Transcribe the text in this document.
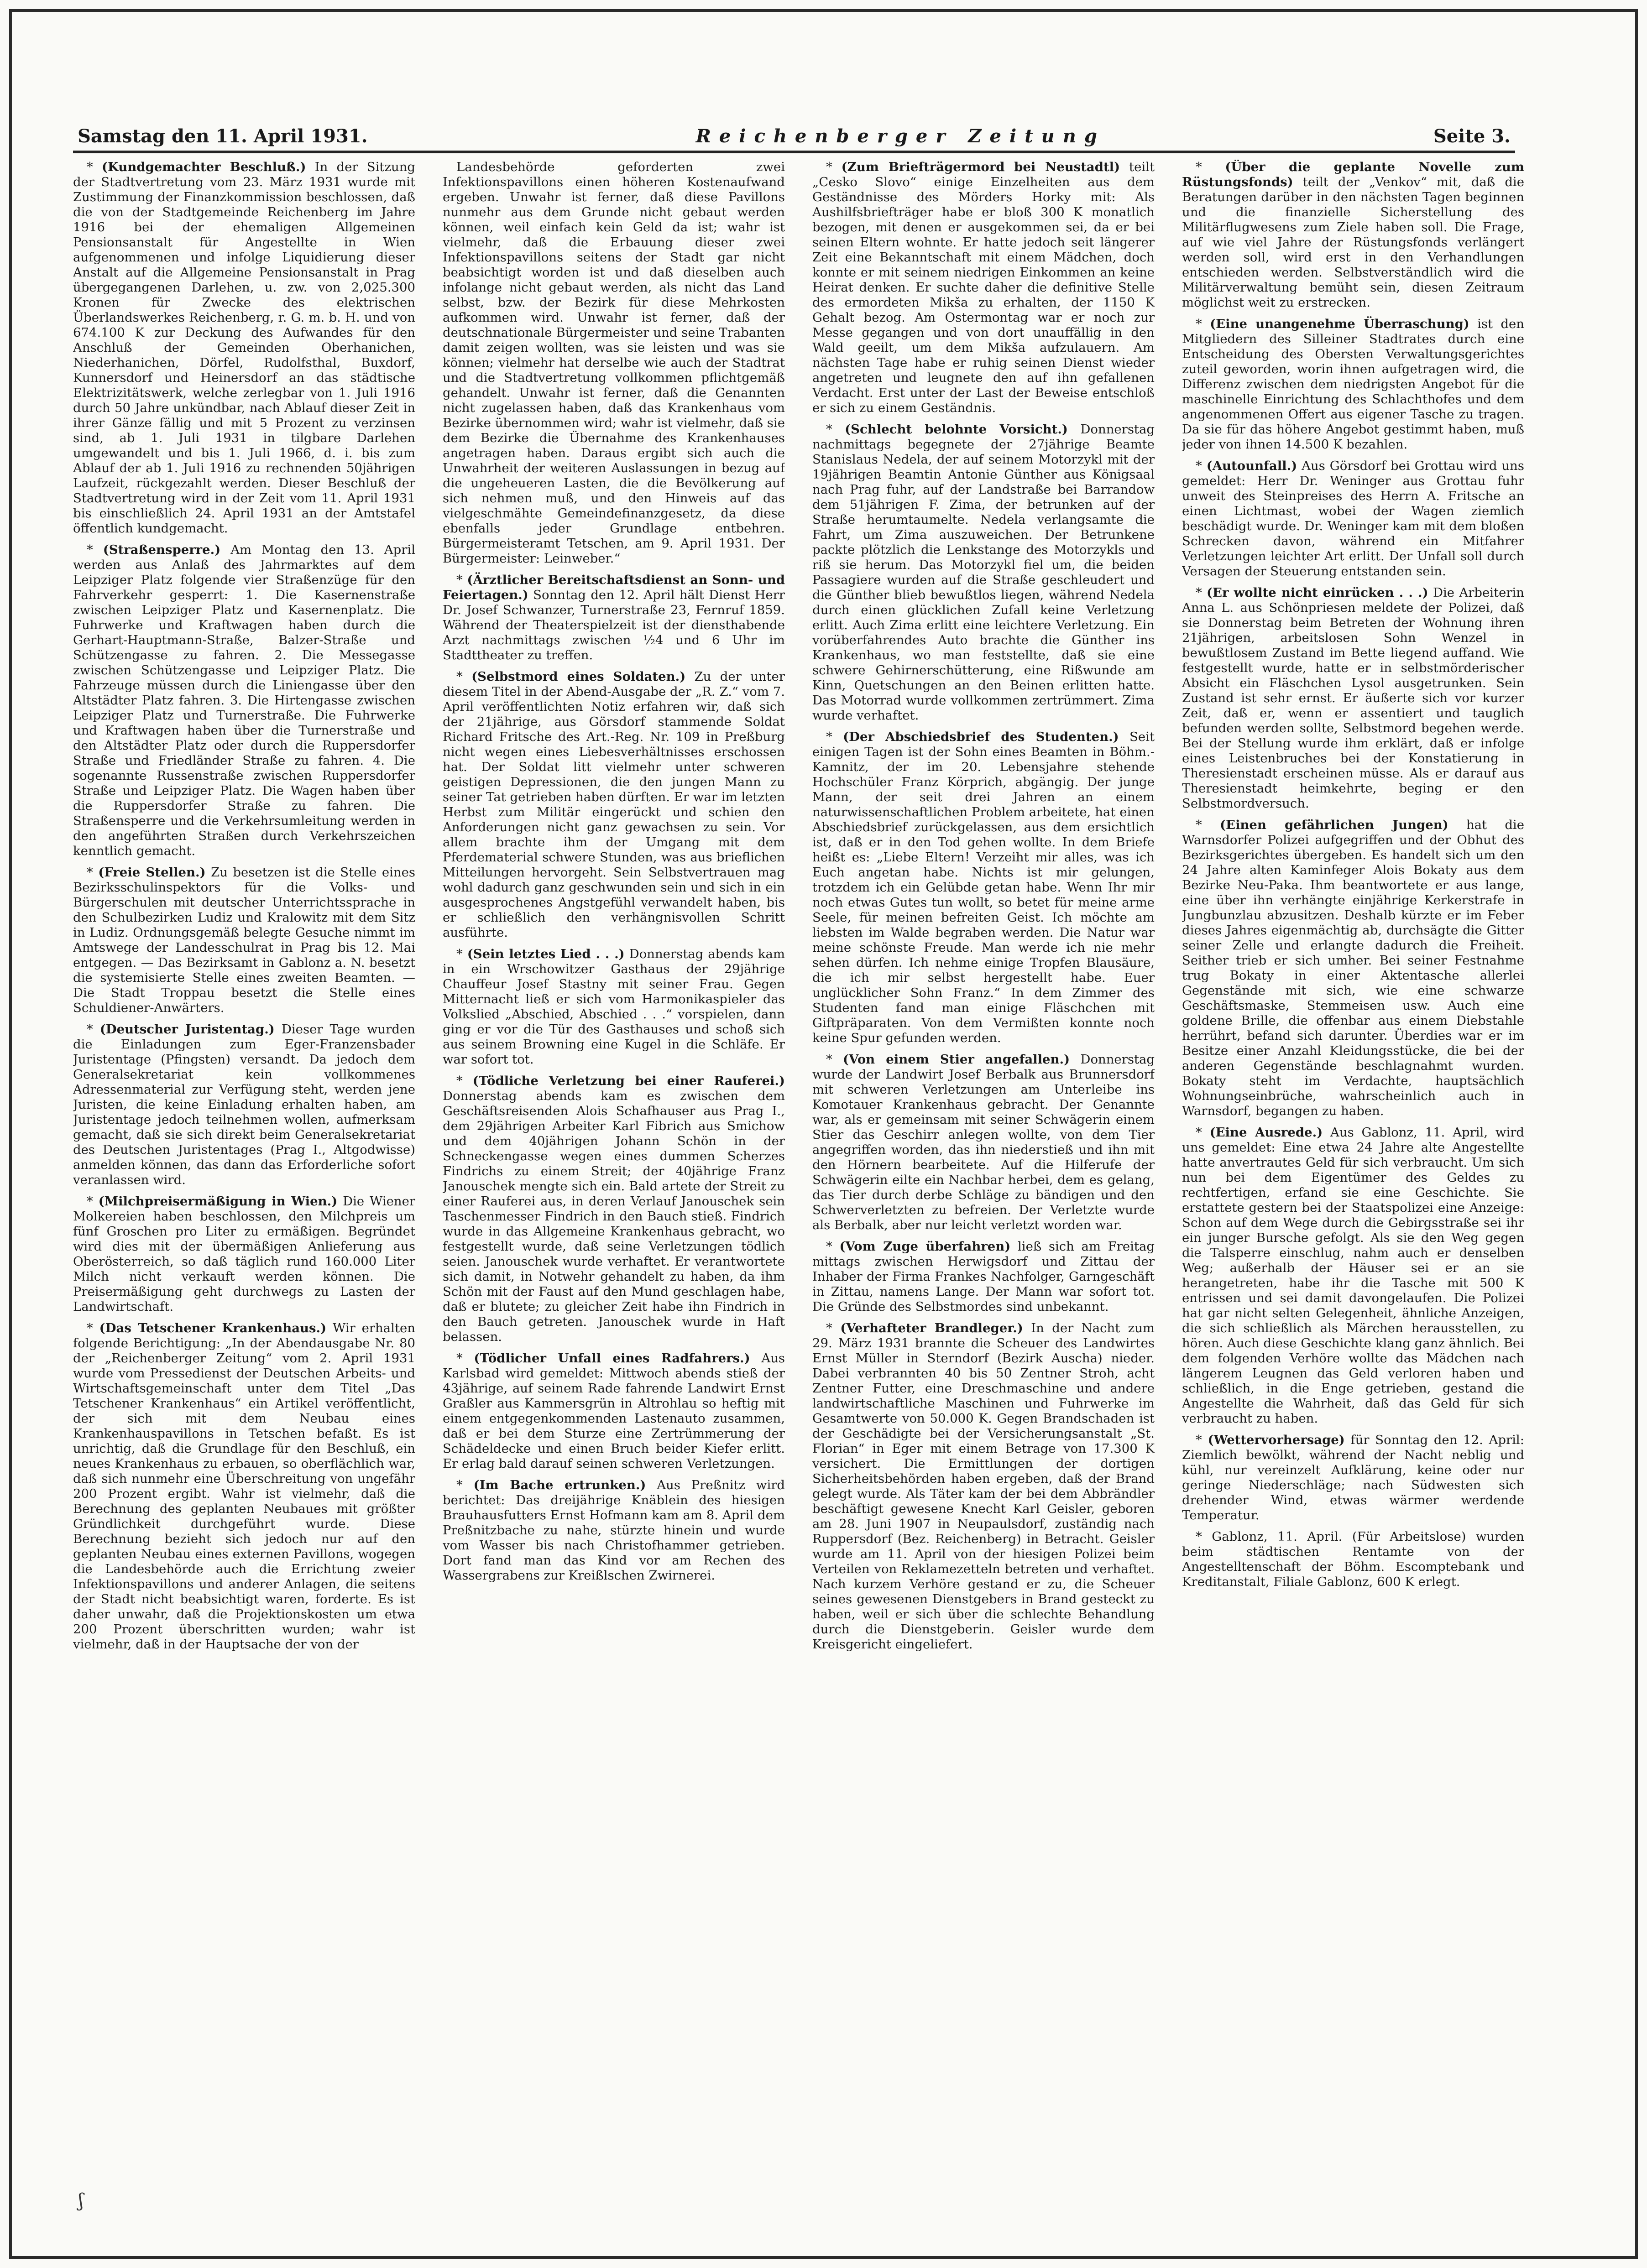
Samstag den 11. April 1931.	Reichenberger Zeitung	Seite 3.

* (Kundgemachter Beschluß.) In der Sitzung der Stadtvertretung vom 23. März 1931 wurde mit Zustimmung der Finanzkommission beschlossen, daß die von der Stadtgemeinde Reichenberg im Jahre 1916 bei der ehemaligen Allgemeinen Pensionsanstalt für Angestellte in Wien aufgenommenen und infolge Liquidierung dieser Anstalt auf die Allgemeine Pensionsanstalt in Prag übergegangenen Darlehen, u. zw. von 2,025.300 Kronen für Zwecke des elektrischen Überlandswerkes Reichenberg, r. G. m. b. H. und von 674.100 K zur Deckung des Aufwandes für den Anschluß der Gemeinden Oberhanichen, Niederhanichen, Dörfel, Rudolfsthal, Buxdorf, Kunnersdorf und Heinersdorf an das städtische Elektrizitätswerk, welche zerlegbar von 1. Juli 1916 durch 50 Jahre unkündbar, nach Ablauf dieser Zeit in ihrer Gänze fällig und mit 5 Prozent zu verzinsen sind, ab 1. Juli 1931 in tilgbare Darlehen umgewandelt und bis 1. Juli 1966, d. i. bis zum Ablauf der ab 1. Juli 1916 zu rechnenden 50jährigen Laufzeit, rückgezahlt werden. Dieser Beschluß der Stadtvertretung wird in der Zeit vom 11. April 1931 bis einschließlich 24. April 1931 an der Amtstafel öffentlich kundgemacht.

* (Straßensperre.) Am Montag den 13. April werden aus Anlaß des Jahrmarktes auf dem Leipziger Platz folgende vier Straßenzüge für den Fahrverkehr gesperrt: 1. Die Kasernenstraße zwischen Leipziger Platz und Kasernenplatz. Die Fuhrwerke und Kraftwagen haben durch die Gerhart-Hauptmann-Straße, Balzer-Straße und Schützengasse zu fahren. 2. Die Messegasse zwischen Schützengasse und Leipziger Platz. Die Fahrzeuge müssen durch die Liniengasse über den Altstädter Platz fahren. 3. Die Hirtengasse zwischen Leipziger Platz und Turnerstraße. Die Fuhrwerke und Kraftwagen haben über die Turnerstraße und den Altstädter Platz oder durch die Ruppersdorfer Straße und Friedländer Straße zu fahren. 4. Die sogenannte Russenstraße zwischen Ruppersdorfer Straße und Leipziger Platz. Die Wagen haben über die Ruppersdorfer Straße zu fahren. Die Straßensperre und die Verkehrsumleitung werden in den angeführten Straßen durch Verkehrszeichen kenntlich gemacht.

* (Freie Stellen.) Zu besetzen ist die Stelle eines Bezirksschulinspektors für die Volks- und Bürgerschulen mit deutscher Unterrichtssprache in den Schulbezirken Ludiz und Kralowitz mit dem Sitz in Ludiz. Ordnungsgemäß belegte Gesuche nimmt im Amtswege der Landesschulrat in Prag bis 12. Mai entgegen. — Das Bezirksamt in Gablonz a. N. besetzt die systemisierte Stelle eines zweiten Beamten. — Die Stadt Troppau besetzt die Stelle eines Schuldiener-Anwärters.

* (Deutscher Juristentag.) Dieser Tage wurden die Einladungen zum Eger-Franzensbader Juristentage (Pfingsten) versandt. Da jedoch dem Generalsekretariat kein vollkommenes Adressenmaterial zur Verfügung steht, werden jene Juristen, die keine Einladung erhalten haben, am Juristentage jedoch teilnehmen wollen, aufmerksam gemacht, daß sie sich direkt beim Generalsekretariat des Deutschen Juristentages (Prag I., Altgodwisse) anmelden können, das dann das Erforderliche sofort veranlassen wird.

* (Milchpreisermäßigung in Wien.) Die Wiener Molkereien haben beschlossen, den Milchpreis um fünf Groschen pro Liter zu ermäßigen. Begründet wird dies mit der übermäßigen Anlieferung aus Oberösterreich, so daß täglich rund 160.000 Liter Milch nicht verkauft werden können. Die Preisermäßigung geht durchwegs zu Lasten der Landwirtschaft.

* (Das Tetschener Krankenhaus.) Wir erhalten folgende Berichtigung: „In der Abendausgabe Nr. 80 der „Reichenberger Zeitung“ vom 2. April 1931 wurde vom Pressedienst der Deutschen Arbeits- und Wirtschaftsgemeinschaft unter dem Titel „Das Tetschener Krankenhaus“ ein Artikel veröffentlicht, der sich mit dem Neubau eines Krankenhauspavillons in Tetschen befaßt. Es ist unrichtig, daß die Grundlage für den Beschluß, ein neues Krankenhaus zu erbauen, so oberflächlich war, daß sich nunmehr eine Überschreitung von ungefähr 200 Prozent ergibt. Wahr ist vielmehr, daß die Berechnung des geplanten Neubaues mit größter Gründlichkeit durchgeführt wurde. Diese Berechnung bezieht sich jedoch nur auf den geplanten Neubau eines externen Pavillons, wogegen die Landesbehörde auch die Errichtung zweier Infektionspavillons und anderer Anlagen, die seitens der Stadt nicht beabsichtigt waren, forderte. Es ist daher unwahr, daß die Projektionskosten um etwa 200 Prozent überschritten wurden; wahr ist vielmehr, daß in der Hauptsache der von der

Landesbehörde geforderten zwei Infektionspavillons einen höheren Kostenaufwand ergeben. Unwahr ist ferner, daß diese Pavillons nunmehr aus dem Grunde nicht gebaut werden können, weil einfach kein Geld da ist; wahr ist vielmehr, daß die Erbauung dieser zwei Infektionspavillons seitens der Stadt gar nicht beabsichtigt worden ist und daß dieselben auch infolange nicht gebaut werden, als nicht das Land selbst, bzw. der Bezirk für diese Mehrkosten aufkommen wird. Unwahr ist ferner, daß der deutschnationale Bürgermeister und seine Trabanten damit zeigen wollten, was sie leisten und was sie können; vielmehr hat derselbe wie auch der Stadtrat und die Stadtvertretung vollkommen pflichtgemäß gehandelt. Unwahr ist ferner, daß die Genannten nicht zugelassen haben, daß das Krankenhaus vom Bezirke übernommen wird; wahr ist vielmehr, daß sie dem Bezirke die Übernahme des Krankenhauses angetragen haben. Daraus ergibt sich auch die Unwahrheit der weiteren Auslassungen in bezug auf die ungeheueren Lasten, die die Bevölkerung auf sich nehmen muß, und den Hinweis auf das vielgeschmähte Gemeindefinanzgesetz, da diese ebenfalls jeder Grundlage entbehren. Bürgermeisteramt Tetschen, am 9. April 1931. Der Bürgermeister: Leinweber.“

* (Ärztlicher Bereitschaftsdienst an Sonn- und Feiertagen.) Sonntag den 12. April hält Dienst Herr Dr. Josef Schwanzer, Turnerstraße 23, Fernruf 1859. Während der Theaterspielzeit ist der diensthabende Arzt nachmittags zwischen ½4 und 6 Uhr im Stadttheater zu treffen.

* (Selbstmord eines Soldaten.) Zu der unter diesem Titel in der Abend-Ausgabe der „R. Z.“ vom 7. April veröffentlichten Notiz erfahren wir, daß sich der 21jährige, aus Görsdorf stammende Soldat Richard Fritsche des Art.-Reg. Nr. 109 in Preßburg nicht wegen eines Liebesverhältnisses erschossen hat. Der Soldat litt vielmehr unter schweren geistigen Depressionen, die den jungen Mann zu seiner Tat getrieben haben dürften. Er war im letzten Herbst zum Militär eingerückt und schien den Anforderungen nicht ganz gewachsen zu sein. Vor allem brachte ihm der Umgang mit dem Pferdematerial schwere Stunden, was aus brieflichen Mitteilungen hervorgeht. Sein Selbstvertrauen mag wohl dadurch ganz geschwunden sein und sich in ein ausgesprochenes Angstgefühl verwandelt haben, bis er schließlich den verhängnisvollen Schritt ausführte.

* (Sein letztes Lied . . .) Donnerstag abends kam in ein Wrschowitzer Gasthaus der 29jährige Chauffeur Josef Stastny mit seiner Frau. Gegen Mitternacht ließ er sich vom Harmonikaspieler das Volkslied „Abschied, Abschied . . .“ vorspielen, dann ging er vor die Tür des Gasthauses und schoß sich aus seinem Browning eine Kugel in die Schläfe. Er war sofort tot.

* (Tödliche Verletzung bei einer Rauferei.) Donnerstag abends kam es zwischen dem Geschäftsreisenden Alois Schafhauser aus Prag I., dem 29jährigen Arbeiter Karl Fibrich aus Smichow und dem 40jährigen Johann Schön in der Schneckengasse wegen eines dummen Scherzes Findrichs zu einem Streit; der 40jährige Franz Janouschek mengte sich ein. Bald artete der Streit zu einer Rauferei aus, in deren Verlauf Janouschek sein Taschenmesser Findrich in den Bauch stieß. Findrich wurde in das Allgemeine Krankenhaus gebracht, wo festgestellt wurde, daß seine Verletzungen tödlich seien. Janouschek wurde verhaftet. Er verantwortete sich damit, in Notwehr gehandelt zu haben, da ihm Schön mit der Faust auf den Mund geschlagen habe, daß er blutete; zu gleicher Zeit habe ihn Findrich in den Bauch getreten. Janouschek wurde in Haft belassen.

* (Tödlicher Unfall eines Radfahrers.) Aus Karlsbad wird gemeldet: Mittwoch abends stieß der 43jährige, auf seinem Rade fahrende Landwirt Ernst Graßler aus Kammersgrün in Altrohlau so heftig mit einem entgegenkommenden Lastenauto zusammen, daß er bei dem Sturze eine Zertrümmerung der Schädeldecke und einen Bruch beider Kiefer erlitt. Er erlag bald darauf seinen schweren Verletzungen.

* (Im Bache ertrunken.) Aus Preßnitz wird berichtet: Das dreijährige Knäblein des hiesigen Brauhausfutters Ernst Hofmann kam am 8. April dem Preßnitzbache zu nahe, stürzte hinein und wurde vom Wasser bis nach Christofhammer getrieben. Dort fand man das Kind vor am Rechen des Wassergrabens zur Kreißlschen Zwirnerei.

* (Zum Briefträgermord bei Neustadtl) teilt „Cesko Slovo“ einige Einzelheiten aus dem Geständnisse des Mörders Horky mit: Als Aushilfsbriefträger habe er bloß 300 K monatlich bezogen, mit denen er ausgekommen sei, da er bei seinen Eltern wohnte. Er hatte jedoch seit längerer Zeit eine Bekanntschaft mit einem Mädchen, doch konnte er mit seinem niedrigen Einkommen an keine Heirat denken. Er suchte daher die definitive Stelle des ermordeten Mikša zu erhalten, der 1150 K Gehalt bezog. Am Ostermontag war er noch zur Messe gegangen und von dort unauffällig in den Wald geeilt, um dem Mikša aufzulauern. Am nächsten Tage habe er ruhig seinen Dienst wieder angetreten und leugnete den auf ihn gefallenen Verdacht. Erst unter der Last der Beweise entschloß er sich zu einem Geständnis.

* (Schlecht belohnte Vorsicht.) Donnerstag nachmittags begegnete der 27jährige Beamte Stanislaus Nedela, der auf seinem Motorzykl mit der 19jährigen Beamtin Antonie Günther aus Königsaal nach Prag fuhr, auf der Landstraße bei Barrandow dem 51jährigen F. Zima, der betrunken auf der Straße herumtaumelte. Nedela verlangsamte die Fahrt, um Zima auszuweichen. Der Betrunkene packte plötzlich die Lenkstange des Motorzykls und riß sie herum. Das Motorzykl fiel um, die beiden Passagiere wurden auf die Straße geschleudert und die Günther blieb bewußtlos liegen, während Nedela durch einen glücklichen Zufall keine Verletzung erlitt. Auch Zima erlitt eine leichtere Verletzung. Ein vorüberfahrendes Auto brachte die Günther ins Krankenhaus, wo man feststellte, daß sie eine schwere Gehirnerschütterung, eine Rißwunde am Kinn, Quetschungen an den Beinen erlitten hatte. Das Motorrad wurde vollkommen zertrümmert. Zima wurde verhaftet.

* (Der Abschiedsbrief des Studenten.) Seit einigen Tagen ist der Sohn eines Beamten in Böhm.-Kamnitz, der im 20. Lebensjahre stehende Hochschüler Franz Körprich, abgängig. Der junge Mann, der seit drei Jahren an einem naturwissenschaftlichen Problem arbeitete, hat einen Abschiedsbrief zurückgelassen, aus dem ersichtlich ist, daß er in den Tod gehen wollte. In dem Briefe heißt es: „Liebe Eltern! Verzeiht mir alles, was ich Euch angetan habe. Nichts ist mir gelungen, trotzdem ich ein Gelübde getan habe. Wenn Ihr mir noch etwas Gutes tun wollt, so betet für meine arme Seele, für meinen befreiten Geist. Ich möchte am liebsten im Walde begraben werden. Die Natur war meine schönste Freude. Man werde ich nie mehr sehen dürfen. Ich nehme einige Tropfen Blausäure, die ich mir selbst hergestellt habe. Euer unglücklicher Sohn Franz.“ In dem Zimmer des Studenten fand man einige Fläschchen mit Giftpräparaten. Von dem Vermißten konnte noch keine Spur gefunden werden.

* (Von einem Stier angefallen.) Donnerstag wurde der Landwirt Josef Berbalk aus Brunnersdorf mit schweren Verletzungen am Unterleibe ins Komotauer Krankenhaus gebracht. Der Genannte war, als er gemeinsam mit seiner Schwägerin einem Stier das Geschirr anlegen wollte, von dem Tier angegriffen worden, das ihn niederstieß und ihn mit den Hörnern bearbeitete. Auf die Hilferufe der Schwägerin eilte ein Nachbar herbei, dem es gelang, das Tier durch derbe Schläge zu bändigen und den Schwerverletzten zu befreien. Der Verletzte wurde als Berbalk, aber nur leicht verletzt worden war.

* (Vom Zuge überfahren) ließ sich am Freitag mittags zwischen Herwigsdorf und Zittau der Inhaber der Firma Frankes Nachfolger, Garngeschäft in Zittau, namens Lange. Der Mann war sofort tot. Die Gründe des Selbstmordes sind unbekannt.

* (Verhafteter Brandleger.) In der Nacht zum 29. März 1931 brannte die Scheuer des Landwirtes Ernst Müller in Sterndorf (Bezirk Auscha) nieder. Dabei verbrannten 40 bis 50 Zentner Stroh, acht Zentner Futter, eine Dreschmaschine und andere landwirtschaftliche Maschinen und Fuhrwerke im Gesamtwerte von 50.000 K. Gegen Brandschaden ist der Geschädigte bei der Versicherungsanstalt „St. Florian“ in Eger mit einem Betrage von 17.300 K versichert. Die Ermittlungen der dortigen Sicherheitsbehörden haben ergeben, daß der Brand gelegt wurde. Als Täter kam der bei dem Abbrändler beschäftigt gewesene Knecht Karl Geisler, geboren am 28. Juni 1907 in Neupaulsdorf, zuständig nach Ruppersdorf (Bez. Reichenberg) in Betracht. Geisler wurde am 11. April von der hiesigen Polizei beim Verteilen von Reklamezetteln betreten und verhaftet. Nach kurzem Verhöre gestand er zu, die Scheuer seines gewesenen Dienstgebers in Brand gesteckt zu haben, weil er sich über die schlechte Behandlung durch die Dienstgeberin. Geisler wurde dem Kreisgericht eingeliefert.

* (Über die geplante Novelle zum Rüstungsfonds) teilt der „Venkov“ mit, daß die Beratungen darüber in den nächsten Tagen beginnen und die finanzielle Sicherstellung des Militärflugwesens zum Ziele haben soll. Die Frage, auf wie viel Jahre der Rüstungsfonds verlängert werden soll, wird erst in den Verhandlungen entschieden werden. Selbstverständlich wird die Militärverwaltung bemüht sein, diesen Zeitraum möglichst weit zu erstrecken.

* (Eine unangenehme Überraschung) ist den Mitgliedern des Silleiner Stadtrates durch eine Entscheidung des Obersten Verwaltungsgerichtes zuteil geworden, worin ihnen aufgetragen wird, die Differenz zwischen dem niedrigsten Angebot für die maschinelle Einrichtung des Schlachthofes und dem angenommenen Offert aus eigener Tasche zu tragen. Da sie für das höhere Angebot gestimmt haben, muß jeder von ihnen 14.500 K bezahlen.

* (Autounfall.) Aus Görsdorf bei Grottau wird uns gemeldet: Herr Dr. Weninger aus Grottau fuhr unweit des Steinpreises des Herrn A. Fritsche an einen Lichtmast, wobei der Wagen ziemlich beschädigt wurde. Dr. Weninger kam mit dem bloßen Schrecken davon, während ein Mitfahrer Verletzungen leichter Art erlitt. Der Unfall soll durch Versagen der Steuerung entstanden sein.

* (Er wollte nicht einrücken . . .) Die Arbeiterin Anna L. aus Schönpriesen meldete der Polizei, daß sie Donnerstag beim Betreten der Wohnung ihren 21jährigen, arbeitslosen Sohn Wenzel in bewußtlosem Zustand im Bette liegend auffand. Wie festgestellt wurde, hatte er in selbstmörderischer Absicht ein Fläschchen Lysol ausgetrunken. Sein Zustand ist sehr ernst. Er äußerte sich vor kurzer Zeit, daß er, wenn er assentiert und tauglich befunden werden sollte, Selbstmord begehen werde. Bei der Stellung wurde ihm erklärt, daß er infolge eines Leistenbruches bei der Konstatierung in Theresienstadt erscheinen müsse. Als er darauf aus Theresienstadt heimkehrte, beging er den Selbstmordversuch.

* (Einen gefährlichen Jungen) hat die Warnsdorfer Polizei aufgegriffen und der Obhut des Bezirksgerichtes übergeben. Es handelt sich um den 24 Jahre alten Kaminfeger Alois Bokaty aus dem Bezirke Neu-Paka. Ihm beantwortete er aus lange, eine über ihn verhängte einjährige Kerkerstrafe in Jungbunzlau abzusitzen. Deshalb kürzte er im Feber dieses Jahres eigenmächtig ab, durchsägte die Gitter seiner Zelle und erlangte dadurch die Freiheit. Seither trieb er sich umher. Bei seiner Festnahme trug Bokaty in einer Aktentasche allerlei Gegenstände mit sich, wie eine schwarze Geschäftsmaske, Stemmeisen usw. Auch eine goldene Brille, die offenbar aus einem Diebstahle herrührt, befand sich darunter. Überdies war er im Besitze einer Anzahl Kleidungsstücke, die bei der anderen Gegenstände beschlagnahmt wurden. Bokaty steht im Verdachte, hauptsächlich Wohnungseinbrüche, wahrscheinlich auch in Warnsdorf, begangen zu haben.

* (Eine Ausrede.) Aus Gablonz, 11. April, wird uns gemeldet: Eine etwa 24 Jahre alte Angestellte hatte anvertrautes Geld für sich verbraucht. Um sich nun bei dem Eigentümer des Geldes zu rechtfertigen, erfand sie eine Geschichte. Sie erstattete gestern bei der Staatspolizei eine Anzeige: Schon auf dem Wege durch die Gebirgsstraße sei ihr ein junger Bursche gefolgt. Als sie den Weg gegen die Talsperre einschlug, nahm auch er denselben Weg; außerhalb der Häuser sei er an sie herangetreten, habe ihr die Tasche mit 500 K entrissen und sei damit davongelaufen. Die Polizei hat gar nicht selten Gelegenheit, ähnliche Anzeigen, die sich schließlich als Märchen herausstellen, zu hören. Auch diese Geschichte klang ganz ähnlich. Bei dem folgenden Verhöre wollte das Mädchen nach längerem Leugnen das Geld verloren haben und schließlich, in die Enge getrieben, gestand die Angestellte die Wahrheit, daß das Geld für sich verbraucht zu haben.

* (Wettervorhersage) für Sonntag den 12. April: Ziemlich bewölkt, während der Nacht neblig und kühl, nur vereinzelt Aufklärung, keine oder nur geringe Niederschläge; nach Südwesten sich drehender Wind, etwas wärmer werdende Temperatur.

* Gablonz, 11. April. (Für Arbeitslose) wurden beim städtischen Rentamte von der Angestelltenschaft der Böhm. Escomptebank und Kreditanstalt, Filiale Gablonz, 600 K erlegt.

ʃ
